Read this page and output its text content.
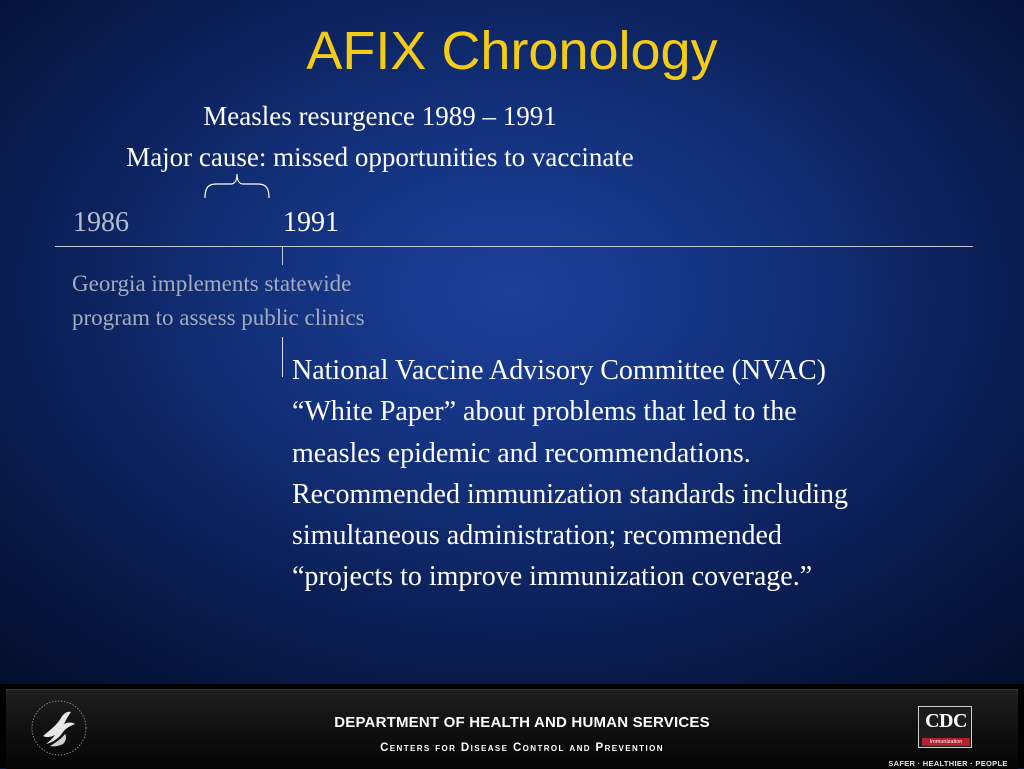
AFIX Chronology
Measles resurgence 1989 – 1991
Major cause: missed opportunities to vaccinate
1986	1991
Georgia implements statewide
program to assess public clinics
National Vaccine Advisory Committee (NVAC)
“White Paper” about problems that led to the
measles epidemic and recommendations.
Recommended immunization standards including
simultaneous administration; recommended
“projects to improve immunization coverage.”
DEPARTMENT OF HEALTH AND HUMAN SERVICES
Centers for Disease Control and Prevention
CDC
Immunization
SAFER · HEALTHIER · PEOPLE
